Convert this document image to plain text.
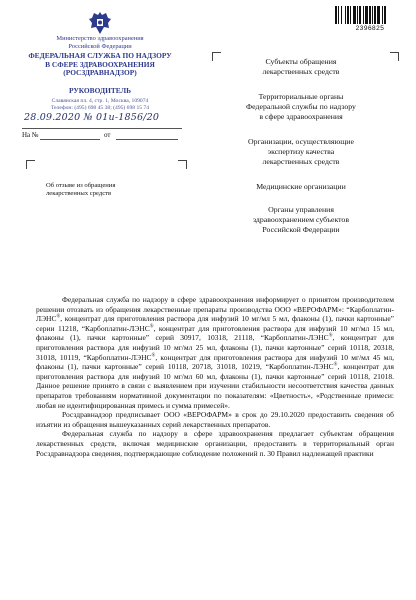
2396825
Министерство здравоохранения
Российской Федерации
ФЕДЕРАЛЬНАЯ СЛУЖБА ПО НАДЗОРУ
В СФЕРЕ ЗДРАВООХРАНЕНИЯ
(РОСЗДРАВНАДЗОР)
РУКОВОДИТЕЛЬ
Славянская пл. 4, стр. 1, Москва, 109074
Телефон: (495) 698 45 38; (495) 698 15 74
28.09.2020 № 01и-1856/20
На №	от
Об отзыве из обращения
лекарственных средств
Субъекты обращения
лекарственных средств
Территориальные органы
Федеральной службы по надзору
в сфере здравоохранения
Организации, осуществляющие
экспертизу качества
лекарственных средств
Медицинские организации
Органы управления
здравоохранением субъектов
Российской Федерации

Федеральная служба по надзору в сфере здравоохранения информирует о принятом производителем решении отозвать из обращения лекарственные препараты производства ООО «ВЕРОФАРМ»: “Карбоплатин-ЛЭНС®, концентрат для приготовления раствора для инфузий 10 мг/мл 5 мл, флаконы (1), пачки картонные” серии 11218, “Карбоплатин-ЛЭНС®, концентрат для приготовления раствора для инфузий 10 мг/мл 15 мл, флаконы (1), пачки картонные” серий 30917, 10318, 21118, “Карбоплатин-ЛЭНС®, концентрат для приготовления раствора для инфузий 10 мг/мл 25 мл, флаконы (1), пачки картонные” серий 10118, 20318, 31018, 10119, “Карбоплатин-ЛЭНС®, концентрат для приготовления раствора для инфузий 10 мг/мл 45 мл, флаконы (1), пачки картонные” серий 10118, 20718, 31018, 10219, “Карбоплатин-ЛЭНС®, концентрат для приготовления раствора для инфузий 10 мг/мл 60 мл, флаконы (1), пачки картонные” серий 10118, 21018. Данное решение принято в связи с выявлением при изучении стабильности несоответствия качества данных препаратов требованиям нормативной документации по показателям: «Цветность», «Родственные примеси: любая не идентифицированная примесь и сумма примесей».

Росздравнадзор предписывает ООО «ВЕРОФАРМ» в срок до 29.10.2020 предоставить сведения об изъятии из обращения вышеуказанных серий лекарственных препаратов.

Федеральная служба по надзору в сфере здравоохранения предлагает субъектам обращения лекарственных средств, включая медицинские организации, предоставить в территориальный орган Росздравнадзора сведения, подтверждающие соблюдение положений п. 30 Правил надлежащей практики
